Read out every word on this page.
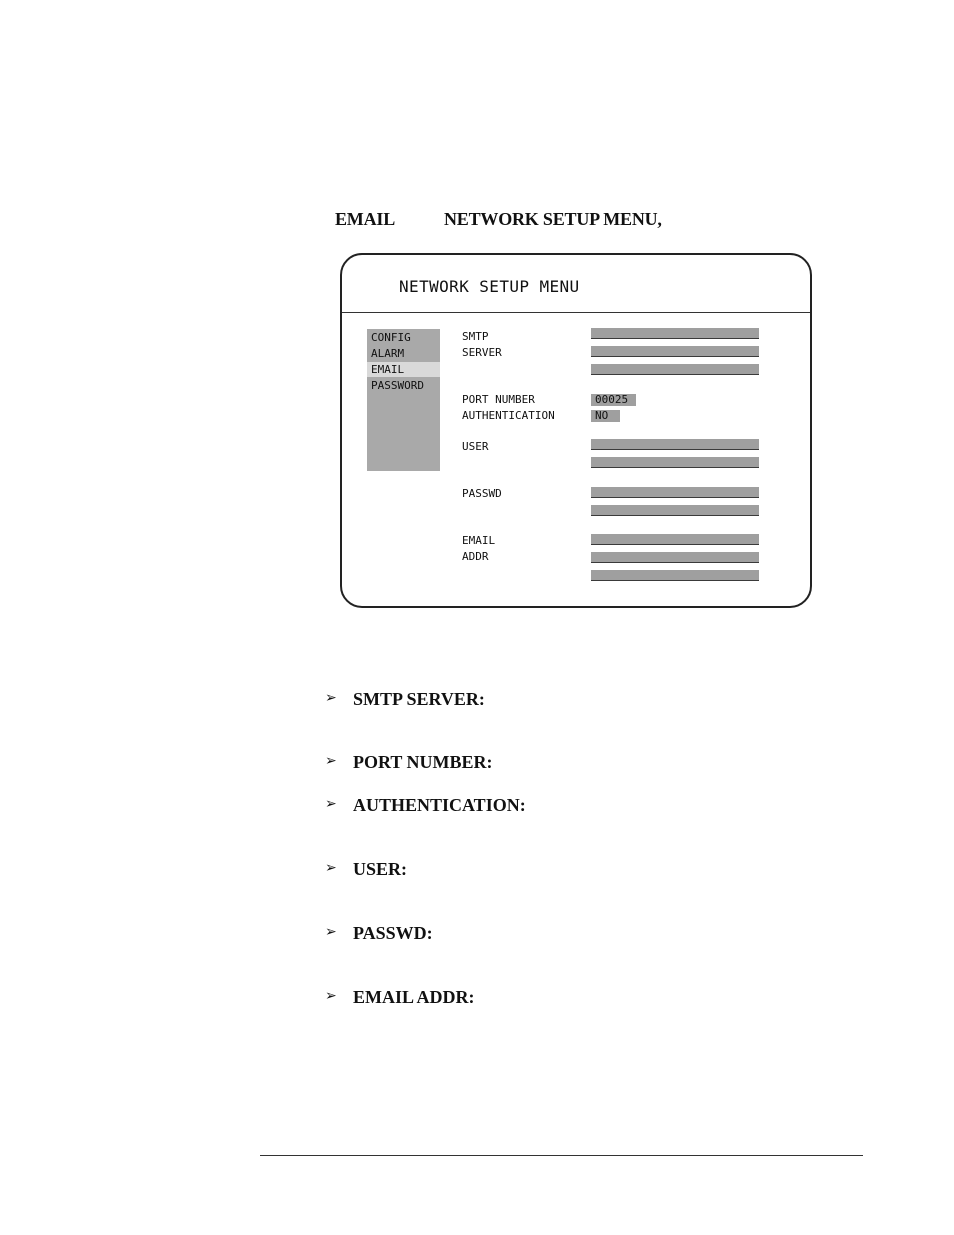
EMAIL	NETWORK SETUP MENU,
NETWORK SETUP MENU
CONFIG
ALARM
EMAIL
PASSWORD
SMTP
SERVER
PORT NUMBER	00025
AUTHENTICATION	NO
USER
PASSWD
EMAIL
ADDR
➢ SMTP SERVER:
➢ PORT NUMBER:
➢ AUTHENTICATION:
➢ USER:
➢ PASSWD:
➢ EMAIL ADDR:
